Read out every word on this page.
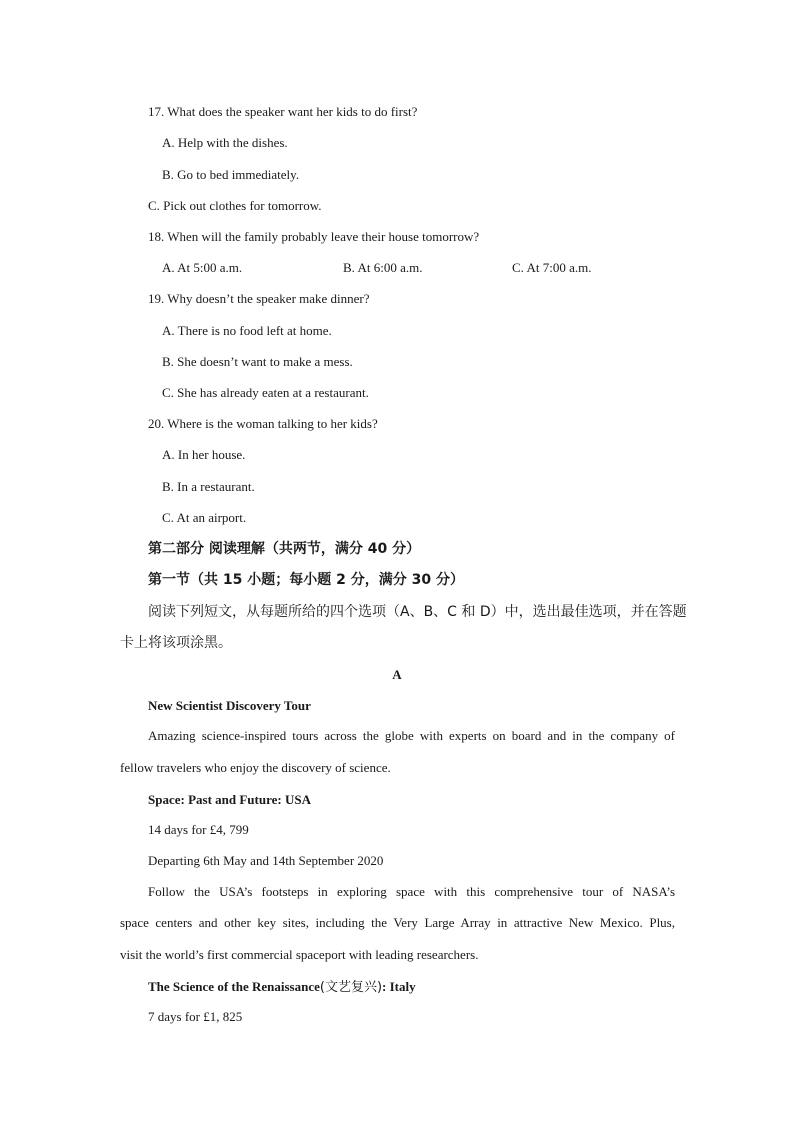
17. What does the speaker want her kids to do first?
A. Help with the dishes.
B. Go to bed immediately.
C. Pick out clothes for tomorrow.
18. When will the family probably leave their house tomorrow?
A. At 5:00 a.m.	B. At 6:00 a.m.	C. At 7:00 a.m.
19. Why doesn’t the speaker make dinner?
A. There is no food left at home.
B. She doesn’t want to make a mess.
C. She has already eaten at a restaurant.
20. Where is the woman talking to her kids?
A. In her house.
B. In a restaurant.
C. At an airport.
第二部分 阅读理解（共两节，满分 40 分）
第一节（共 15 小题；每小题 2 分，满分 30 分）
阅读下列短文，从每题所给的四个选项（A、B、C 和 D）中，选出最佳选项，并在答题
卡上将该项涂黑。
A
New Scientist Discovery Tour
Amazing science-inspired tours across the globe with experts on board and in the company of
fellow travelers who enjoy the discovery of science.
Space: Past and Future: USA
14 days for £4, 799
Departing 6th May and 14th September 2020
Follow the USA’s footsteps in exploring space with this comprehensive tour of NASA’s
space centers and other key sites, including the Very Large Array in attractive New Mexico. Plus,
visit the world’s first commercial spaceport with leading researchers.
The Science of the Renaissance(文艺复兴): Italy
7 days for £1, 825
